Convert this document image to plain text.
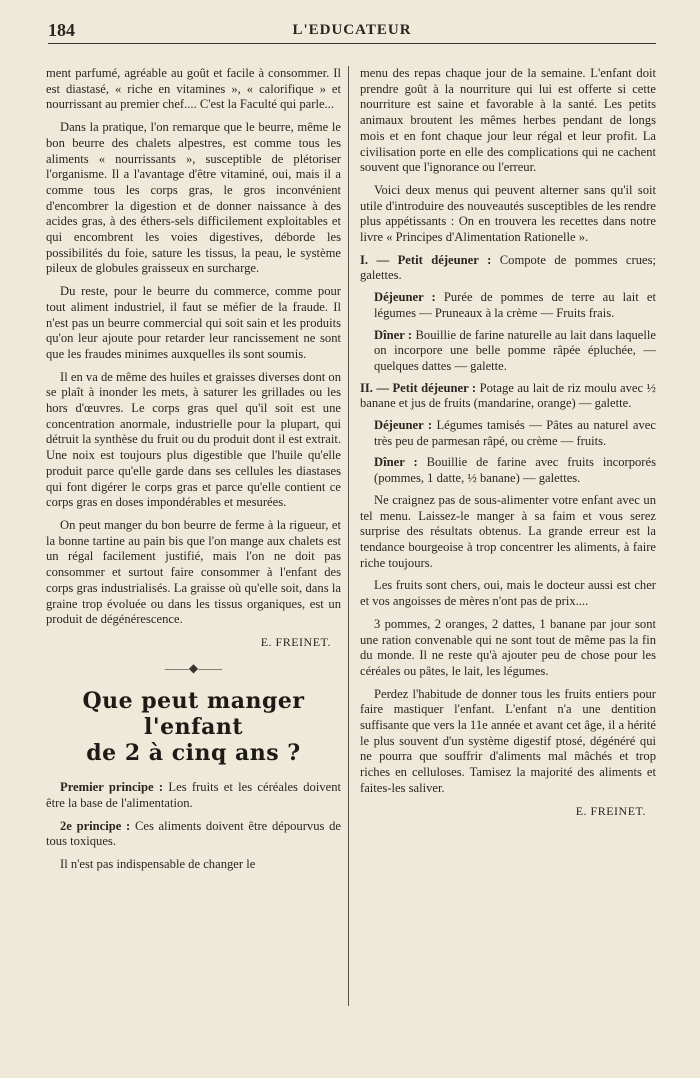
184	L'EDUCATEUR

ment parfumé, agréable au goût et facile à consommer. Il est diastasé, « riche en vitamines », « calorifique » et nourrissant au premier chef.... C'est la Faculté qui parle...

Dans la pratique, l'on remarque que le beurre, même le bon beurre des chalets alpestres, est comme tous les aliments « nourrissants », susceptible de plétoriser l'organisme. Il a l'avantage d'être vitaminé, oui, mais il a comme tous les corps gras, le gros inconvénient d'encombrer la digestion et de donner naissance à des acides gras, à des éthers-sels difficilement exploitables et qui encombrent les voies digestives, déborde les possibilités du foie, sature les tissus, la peau, le système pileux de globules graisseux en surcharge.

Du reste, pour le beurre du commerce, comme pour tout aliment industriel, il faut se méfier de la fraude. Il n'est pas un beurre commercial qui soit sain et les produits qu'on leur ajoute pour retarder leur rancissement ne sont que les fraudes minimes auxquelles ils sont soumis.

Il en va de même des huiles et graisses diverses dont on se plaît à inonder les mets, à saturer les grillades ou les hors d'œuvres. Le corps gras quel qu'il soit est une concentration anormale, industrielle pour la plupart, qui détruit la synthèse du fruit ou du produit dont il est extrait. Une noix est toujours plus digestible que l'huile qu'elle produit parce qu'elle garde dans ses cellules les diastases qui font digérer le corps gras et parce qu'elle contient ce corps gras en doses impondérables et mesurées.

On peut manger du bon beurre de ferme à la rigueur, et la bonne tartine au pain bis que l'on mange aux chalets est un régal facilement justifié, mais l'on ne doit pas consommer et surtout faire consommer à l'enfant des corps gras industrialisés. La graisse où qu'elle soit, dans la graine trop évoluée ou dans les tissus organiques, est un produit de dégénérescence.

E. FREINET.
——◆——
Que peut manger
l'enfant
de 2 à cinq ans ?

Premier principe : Les fruits et les céréales doivent être la base de l'alimentation.

2e principe : Ces aliments doivent être dépourvus de tous toxiques.

Il n'est pas indispensable de changer le

menu des repas chaque jour de la semaine. L'enfant doit prendre goût à la nourriture qui lui est offerte si cette nourriture est saine et favorable à la santé. Les petits animaux broutent les mêmes herbes pendant de longs mois et en font chaque jour leur régal et leur profit. La civilisation porte en elle des complications qui ne cachent souvent que l'ignorance ou l'erreur.

Voici deux menus qui peuvent alterner sans qu'il soit utile d'introduire des nouveautés susceptibles de les rendre plus appétissants : On en trouvera les recettes dans notre livre « Principes d'Alimentation Rationelle ».

I. — Petit déjeuner : Compote de pommes crues; galettes.

Déjeuner : Purée de pommes de terre au lait et légumes — Pruneaux à la crème — Fruits frais.

Dîner : Bouillie de farine naturelle au lait dans laquelle on incorpore une belle pomme râpée épluchée, — quelques dattes — galette.

II. — Petit déjeuner : Potage au lait de riz moulu avec ½ banane et jus de fruits (mandarine, orange) — galette.

Déjeuner : Légumes tamisés — Pâtes au naturel avec très peu de parmesan râpé, ou crème — fruits.

Dîner : Bouillie de farine avec fruits incorporés (pommes, 1 datte, ½ banane) — galettes.

Ne craignez pas de sous-alimenter votre enfant avec un tel menu. Laissez-le manger à sa faim et vous serez surprise des résultats obtenus. La grande erreur est la tendance bourgeoise à trop concentrer les aliments, à faire riche toujours.

Les fruits sont chers, oui, mais le docteur aussi est cher et vos angoisses de mères n'ont pas de prix....

3 pommes, 2 oranges, 2 dattes, 1 banane par jour sont une ration convenable qui ne sont tout de même pas la fin du monde. Il ne reste qu'à ajouter peu de chose pour les céréales ou pâtes, le lait, les légumes.

Perdez l'habitude de donner tous les fruits entiers pour faire mastiquer l'enfant. L'enfant n'a une dentition suffisante que vers la 11e année et avant cet âge, il a hérité le plus souvent d'un système digestif ptosé, dégénéré qui ne pourra que souffrir d'aliments mal mâchés et trop riches en celluloses. Tamisez la majorité des aliments et faites-les saliver.

E. FREINET.
